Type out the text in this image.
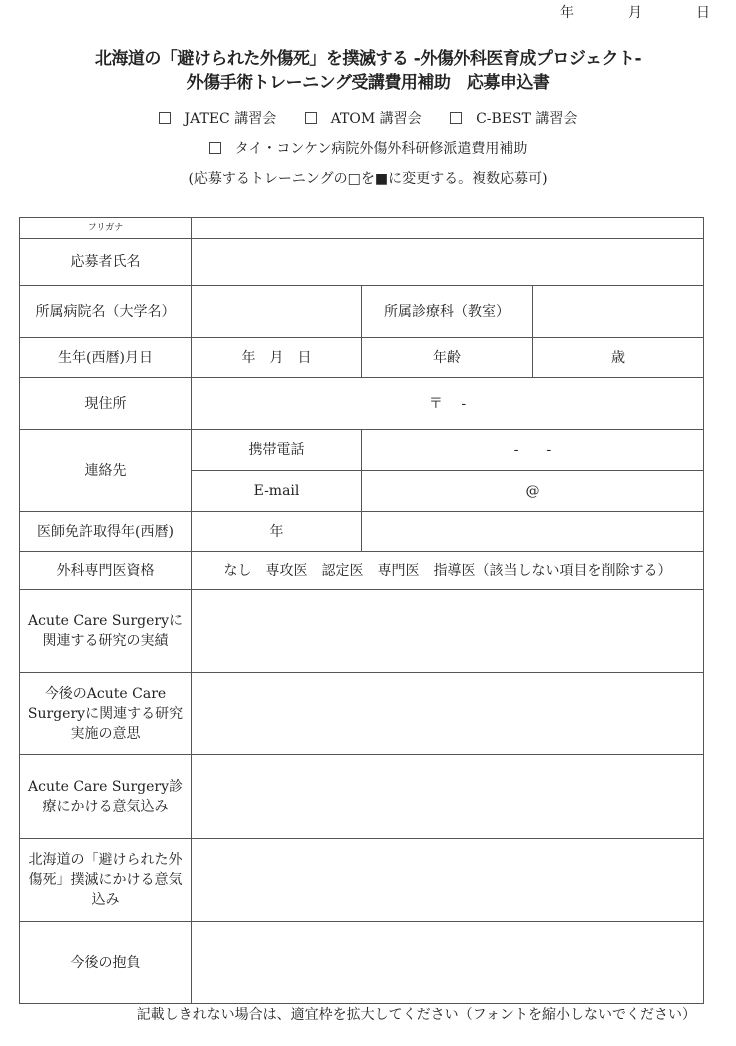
年	月	日
北海道の「避けられた外傷死」を撲滅する -外傷外科医育成プロジェクト-
外傷手術トレーニング受講費用補助　応募申込書
JATEC 講習会	ATOM 講習会	C-BEST 講習会
タイ・コンケン病院外傷外科研修派遣費用補助
(応募するトレーニングの□を■に変更する。複数応募可)
フリガナ			
応募者氏名			
所属病院名（大学名）		所属診療科（教室）	
生年(西暦)月日	年　月　日	年齢	歳
現住所	〒　 -		
連絡先	携帯電話	-　　-	
	E-mail	@	
医師免許取得年(西暦)	年		
外科専門医資格	なし　専攻医　認定医　専門医　指導医（該当しない項目を削除する）		
Acute Care Surgeryに関連する研究の実績			
今後のAcute Care Surgeryに関連する研究実施の意思			
Acute Care Surgery診療にかける意気込み			
北海道の「避けられた外傷死」撲滅にかける意気込み			
今後の抱負			
記載しきれない場合は、適宜枠を拡大してください（フォントを縮小しないでください）
